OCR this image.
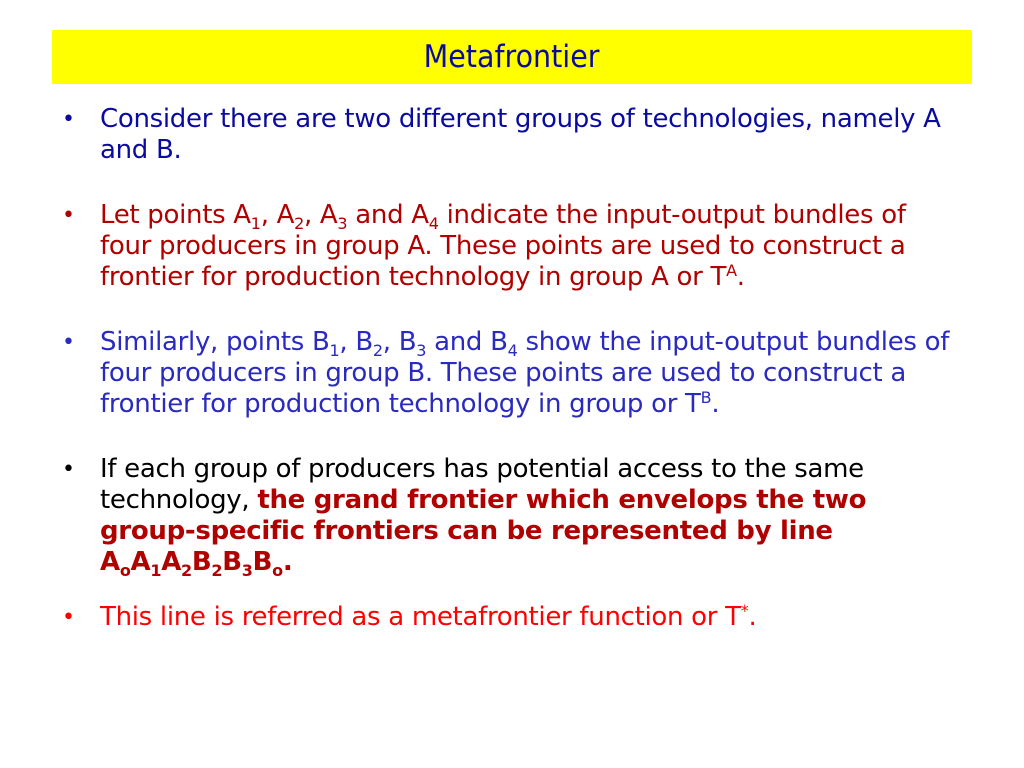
Metafrontier

• Consider there are two different groups of technologies, namely A and B.

• Let points $A_1$, $A_2$, $A_3$ and $A_4$ indicate the input-output bundles of four producers in group A. These points are used to construct a frontier for production technology in group A or $T^A$.

• Similarly, points $B_1$, $B_2$, $B_3$ and $B_4$ show the input-output bundles of four producers in group B. These points are used to construct a frontier for production technology in group or $T^B$.

• If each group of producers has potential access to the same technology, the grand frontier which envelops the two group-specific frontiers can be represented by line $A_oA_1A_2B_2B_3B_o$.

• This line is referred as a metafrontier function or T*.
